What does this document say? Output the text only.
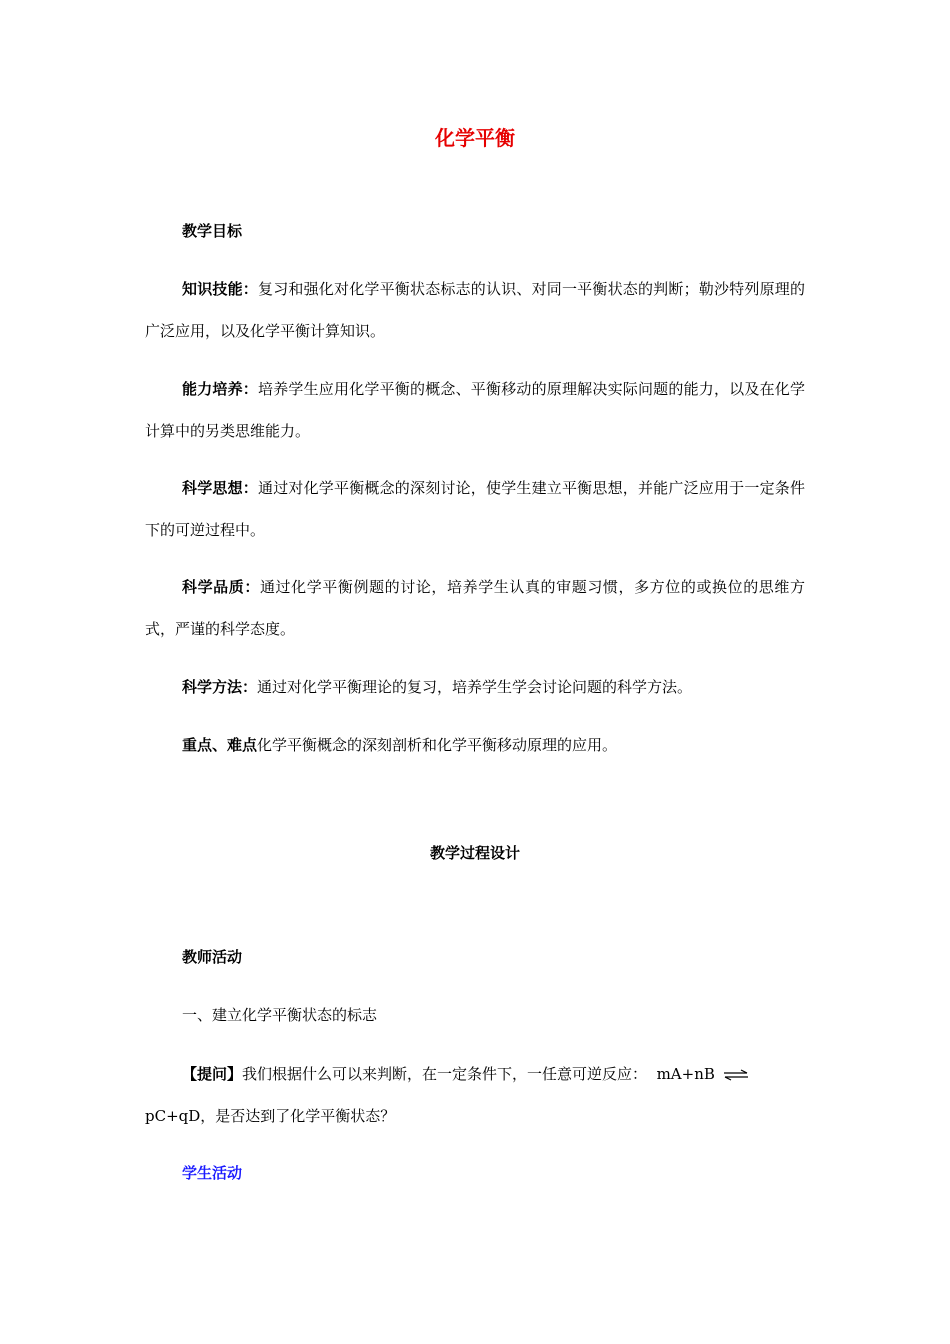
化学平衡
教学目标
知识技能：复习和强化对化学平衡状态标志的认识、对同一平衡状态的判断；勒沙特列原理的广泛应用，以及化学平衡计算知识。
能力培养：培养学生应用化学平衡的概念、平衡移动的原理解决实际问题的能力，以及在化学计算中的另类思维能力。
科学思想：通过对化学平衡概念的深刻讨论，使学生建立平衡思想，并能广泛应用于一定条件下的可逆过程中。
科学品质：通过化学平衡例题的讨论，培养学生认真的审题习惯，多方位的或换位的思维方式，严谨的科学态度。
科学方法：通过对化学平衡理论的复习，培养学生学会讨论问题的科学方法。
重点、难点化学平衡概念的深刻剖析和化学平衡移动原理的应用。
教学过程设计
教师活动
一、建立化学平衡状态的标志
【提问】我们根据什么可以来判断，在一定条件下，一任意可逆反应： mA+nB ⇌
pC+qD，是否达到了化学平衡状态？
学生活动
